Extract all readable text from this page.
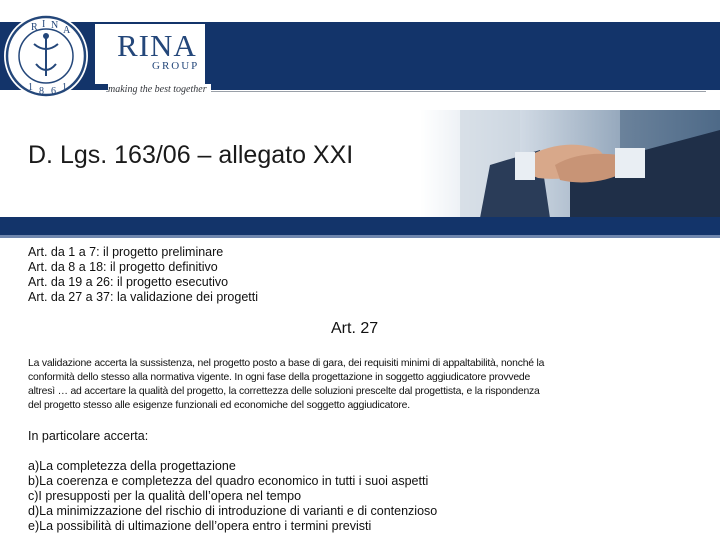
R I N A
1 8 6 1
RINA
GROUP
making the best together
D. Lgs. 163/06 – allegato XXI
Art. da 1 a 7: il progetto preliminare
Art. da 8 a 18: il progetto definitivo
Art. da 19 a 26: il progetto esecutivo
Art. da 27 a 37: la validazione dei progetti
Art. 27
La validazione accerta la sussistenza, nel progetto posto a base di gara, dei requisiti minimi di appaltabilità, nonché la
conformità dello stesso alla normativa vigente. In ogni fase della progettazione in soggetto aggiudicatore provvede
altresì … ad accertare la qualità del progetto, la correttezza delle soluzioni prescelte dal progettista, e la rispondenza
del progetto stesso alle esigenze funzionali ed economiche del soggetto aggiudicatore.
In particolare accerta:
a)La completezza della progettazione
b)La coerenza e completezza del quadro economico in tutti i suoi aspetti
c)I presupposti per la qualità dell’opera nel tempo
d)La minimizzazione del rischio di introduzione di varianti e di contenzioso
e)La possibilità di ultimazione dell’opera entro i termini previsti
